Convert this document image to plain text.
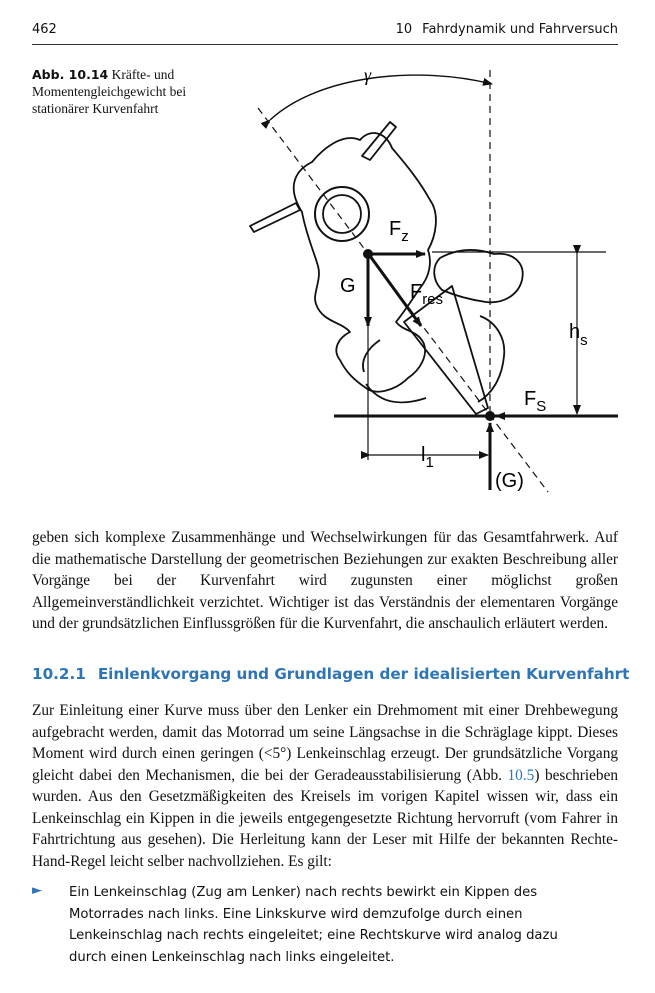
462	10 Fahrdynamik und Fahrversuch
Abb. 10.14 Kräfte- und Momentengleichgewicht bei stationärer Kurvenfahrt
γ
$h_s$
$l_1$
$F_z$
G	$F_{res}$
$F_S$
(G)

geben sich komplexe Zusammenhänge und Wechselwirkungen für das Gesamtfahrwerk. Auf die mathematische Darstellung der geometrischen Beziehungen zur exakten Beschreibung aller Vorgänge bei der Kurvenfahrt wird zugunsten einer möglichst großen Allgemeinverständlichkeit verzichtet. Wichtiger ist das Verständnis der elementaren Vorgänge und der grundsätzlichen Einflussgrößen für die Kurvenfahrt, die anschaulich erläutert werden.

10.2.1 Einlenkvorgang und Grundlagen der idealisierten Kurvenfahrt

Zur Einleitung einer Kurve muss über den Lenker ein Drehmoment mit einer Drehbewegung aufgebracht werden, damit das Motorrad um seine Längsachse in die Schräglage kippt. Dieses Moment wird durch einen geringen (<5°) Lenkeinschlag erzeugt. Der grundsätzliche Vorgang gleicht dabei den Mechanismen, die bei der Geradeausstabilisierung (Abb. 10.5) beschrieben wurden. Aus den Gesetzmäßigkeiten des Kreisels im vorigen Kapitel wissen wir, dass ein Lenkeinschlag ein Kippen in die jeweils entgegengesetzte Richtung hervorruft (vom Fahrer in Fahrtrichtung aus gesehen). Die Herleitung kann der Leser mit Hilfe der bekannten Rechte-Hand-Regel leicht selber nachvollziehen. Es gilt:

► Ein Lenkeinschlag (Zug am Lenker) nach rechts bewirkt ein Kippen des Motorrades nach links. Eine Linkskurve wird demzufolge durch einen Lenkeinschlag nach rechts eingeleitet; eine Rechtskurve wird analog dazu durch einen Lenkeinschlag nach links eingeleitet.
